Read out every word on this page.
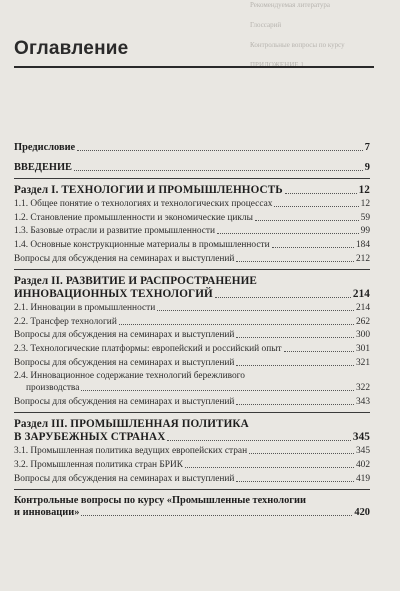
Рекомендуемая литература
Глоссарий
Контрольные вопросы по курсу
ПРИЛОЖЕНИЕ 1
Оглавление
Предисловие	7
ВВЕДЕНИЕ	9
Раздел I. ТЕХНОЛОГИИ И ПРОМЫШЛЕННОСТЬ	12
1.1. Общее понятие о технологиях и технологических процессах	12
1.2. Становление промышленности и экономические циклы	59
1.3. Базовые отрасли и развитие промышленности	99
1.4. Основные конструкционные материалы в промышленности	184
Вопросы для обсуждения на семинарах и выступлений	212
Раздел II. РАЗВИТИЕ И РАСПРОСТРАНЕНИЕ
ИННОВАЦИОННЫХ ТЕХНОЛОГИЙ	214
2.1. Инновации в промышленности	214
2.2. Трансфер технологий	262
Вопросы для обсуждения на семинарах и выступлений	300
2.3. Технологические платформы: европейский и российский опыт	301
Вопросы для обсуждения на семинарах и выступлений	321
2.4. Инновационное содержание технологий бережливого
производства	322
Вопросы для обсуждения на семинарах и выступлений	343
Раздел III. ПРОМЫШЛЕННАЯ ПОЛИТИКА
В ЗАРУБЕЖНЫХ СТРАНАХ	345
3.1. Промышленная политика ведущих европейских стран	345
3.2. Промышленная политика стран БРИК	402
Вопросы для обсуждения на семинарах и выступлений	419
Контрольные вопросы по курсу «Промышленные технологии
и инновации»	420
